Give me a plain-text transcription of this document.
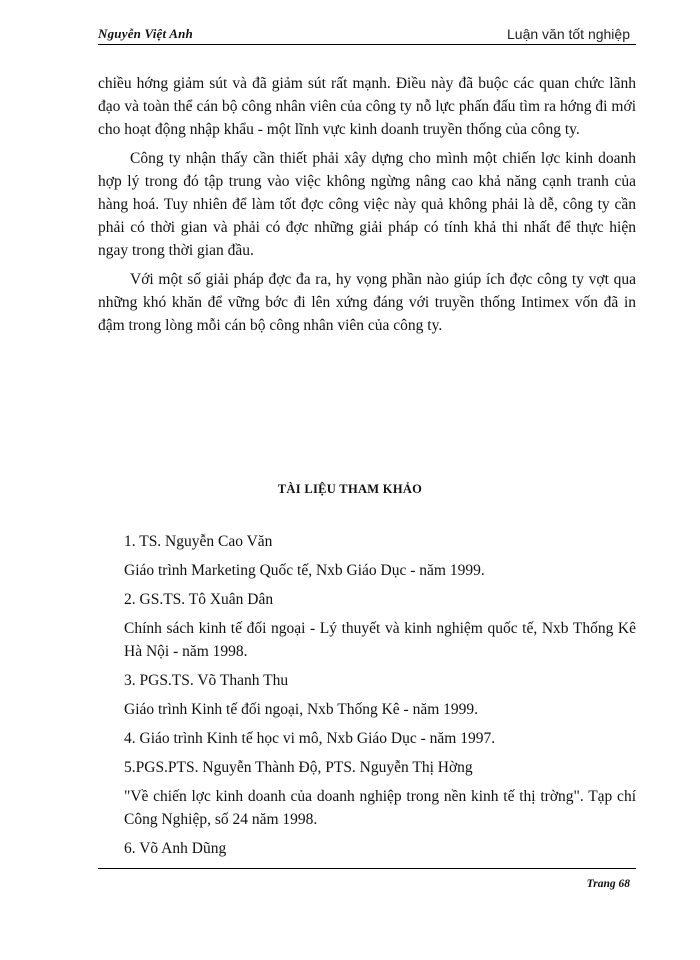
Nguyễn Việt Anh	Luận văn tốt nghiệp

chiều hớng giảm sút và đã giảm sút rất mạnh. Điều này đã buộc các quan chức lãnh đạo và toàn thể cán bộ công nhân viên của công ty nỗ lực phấn đấu tìm ra hớng đi mới cho hoạt động nhập khẩu - một lĩnh vực kinh doanh truyền thống của công ty.

Công ty nhận thấy cần thiết phải xây dựng cho mình một chiến lợc kinh doanh hợp lý trong đó tập trung vào việc không ngừng nâng cao khả năng cạnh tranh của hàng hoá. Tuy nhiên để làm tốt đợc công việc này quả không phải là dễ, công ty cần phải có thời gian và phải có đợc những giải pháp có tính khả thi nhất để thực hiện ngay trong thời gian đầu.

Với một số giải pháp đợc đa ra, hy vọng phần nào giúp ích đợc công ty vợt qua những khó khăn để vững bớc đi lên xứng đáng với truyền thống Intimex vốn đã in đậm trong lòng mỗi cán bộ công nhân viên của công ty.

TÀI LIỆU THAM KHẢO
1. TS. Nguyễn Cao Văn
Giáo trình Marketing Quốc tế, Nxb Giáo Dục - năm 1999.
2. GS.TS. Tô Xuân Dân
Chính sách kinh tế đối ngoại - Lý thuyết và kinh nghiệm quốc tế, Nxb Thống Kê Hà Nội - năm 1998.
3. PGS.TS. Võ Thanh Thu
Giáo trình Kinh tế đối ngoại, Nxb Thống Kê - năm 1999.
4. Giáo trình Kinh tế học vi mô, Nxb Giáo Dục - năm 1997.
5.PGS.PTS. Nguyễn Thành Độ, PTS. Nguyễn Thị Hờng
"Về chiến lợc kinh doanh của doanh nghiệp trong nền kinh tế thị trờng". Tạp chí Công Nghiệp, số 24 năm 1998.
6. Võ Anh Dũng
Trang 68
